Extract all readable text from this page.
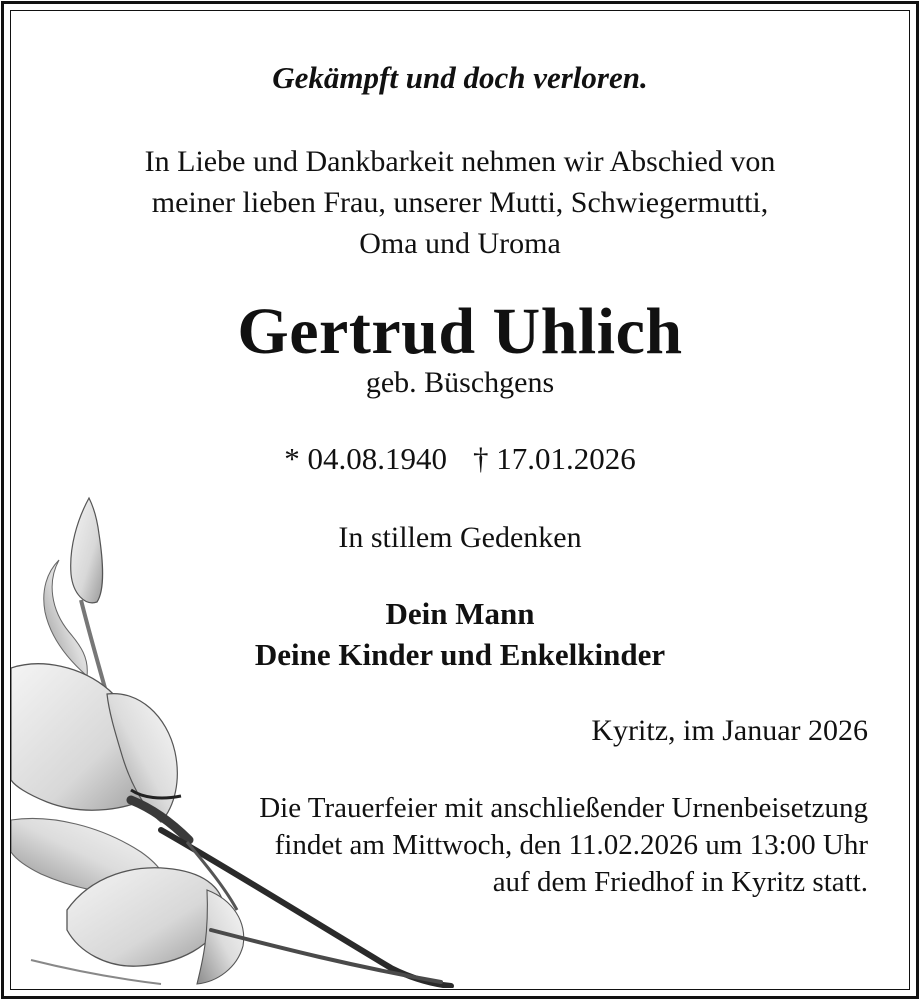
Gekämpft und doch verloren.

In Liebe und Dankbarkeit nehmen wir Abschied von

meiner lieben Frau, unserer Mutti, Schwiegermutti,

Oma und Uroma

Gertrud Uhlich

geb. Büschgens

* 04.08.1940 † 17.01.2026

In stillem Gedenken

Dein Mann

Deine Kinder und Enkelkinder

Kyritz, im Januar 2026

Die Trauerfeier mit anschließender Urnenbeisetzung

findet am Mittwoch, den 11.02.2026 um 13:00 Uhr

auf dem Friedhof in Kyritz statt.
